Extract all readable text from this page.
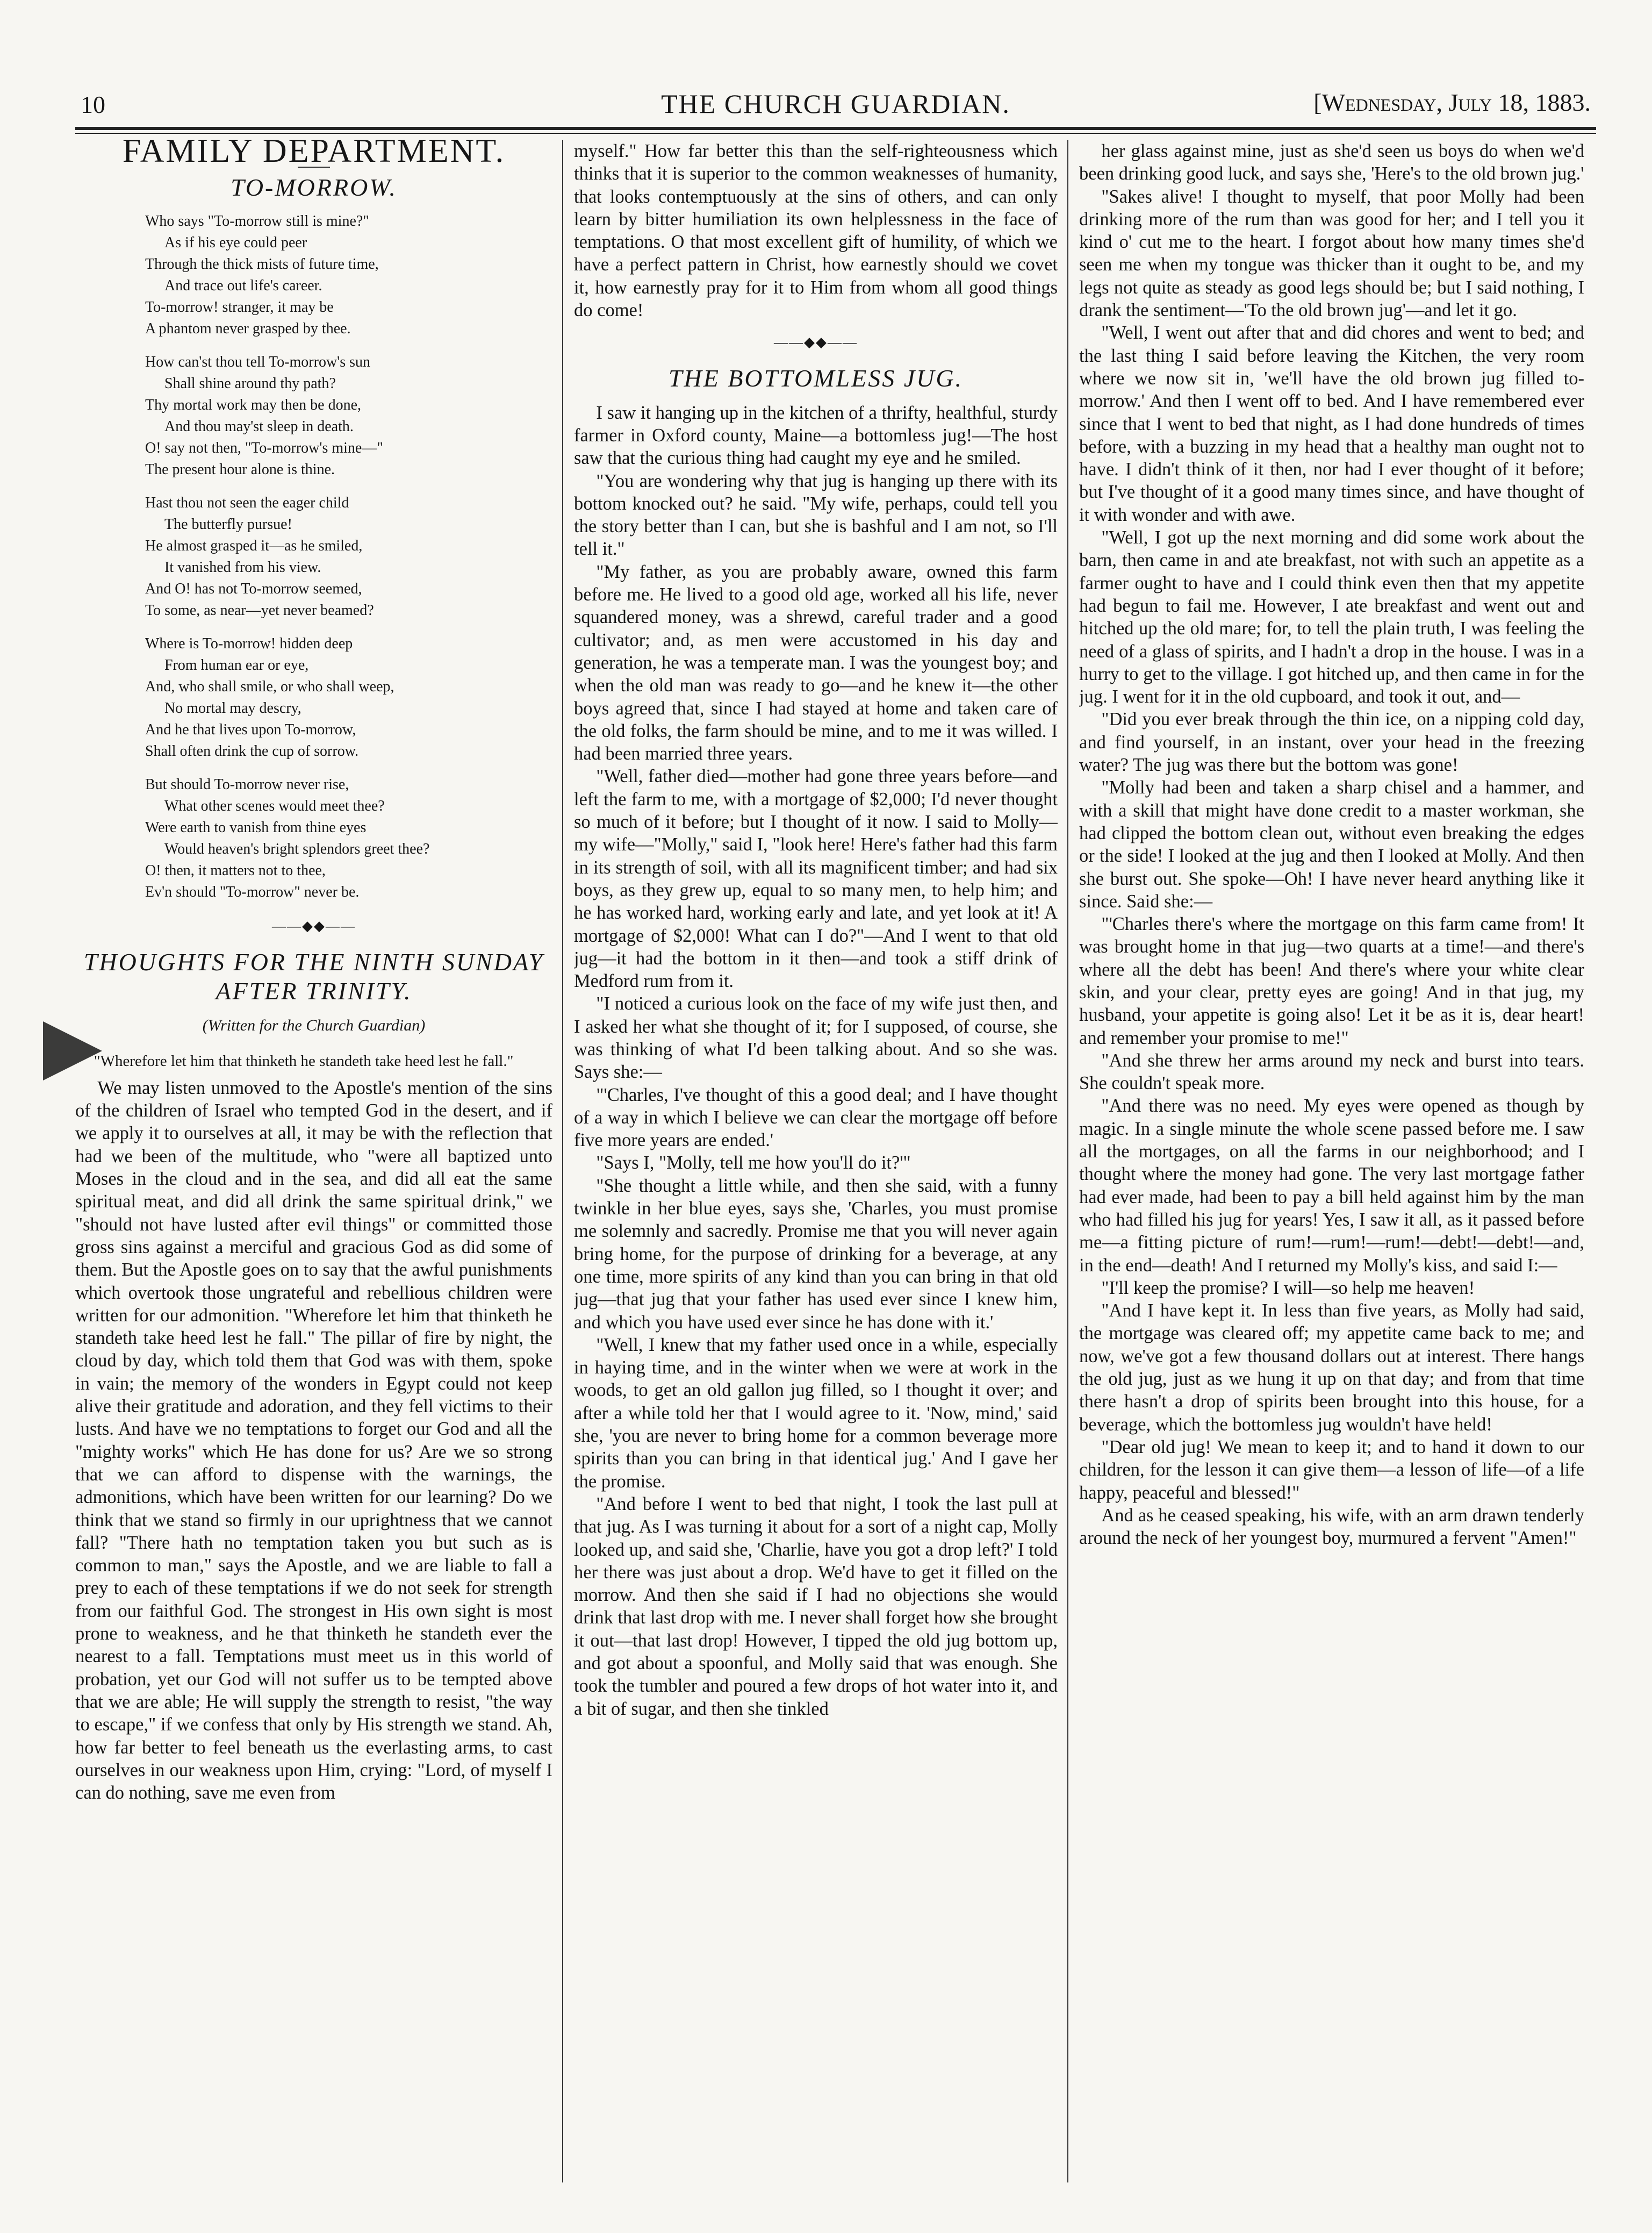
10	THE CHURCH GUARDIAN.	[Wednesday, July 18, 1883.
FAMILY DEPARTMENT.
TO-MORROW.
Who says "To-morrow still is mine?"
As if his eye could peer
Through the thick mists of future time,
And trace out life's career.
To-morrow! stranger, it may be
A phantom never grasped by thee.
How can'st thou tell To-morrow's sun
Shall shine around thy path?
Thy mortal work may then be done,
And thou may'st sleep in death.
O! say not then, "To-morrow's mine—"
The present hour alone is thine.
Hast thou not seen the eager child
The butterfly pursue!
He almost grasped it—as he smiled,
It vanished from his view.
And O! has not To-morrow seemed,
To some, as near—yet never beamed?
Where is To-morrow! hidden deep
From human ear or eye,
And, who shall smile, or who shall weep,
No mortal may descry,
And he that lives upon To-morrow,
Shall often drink the cup of sorrow.
But should To-morrow never rise,
What other scenes would meet thee?
Were earth to vanish from thine eyes
Would heaven's bright splendors greet thee?
O! then, it matters not to thee,
Ev'n should "To-morrow" never be.
——◆◆——
THOUGHTS FOR THE NINTH SUNDAY AFTER TRINITY.
(Written for the Church Guardian)
"Wherefore let him that thinketh he standeth take heed lest he fall."

We may listen unmoved to the Apostle's mention of the sins of the children of Israel who tempted God in the desert, and if we apply it to ourselves at all, it may be with the reflection that had we been of the multitude, who "were all baptized unto Moses in the cloud and in the sea, and did all eat the same spiritual meat, and did all drink the same spiritual drink," we "should not have lusted after evil things" or committed those gross sins against a merciful and gracious God as did some of them. But the Apostle goes on to say that the awful punishments which overtook those ungrateful and rebellious children were written for our admonition. "Wherefore let him that thinketh he standeth take heed lest he fall." The pillar of fire by night, the cloud by day, which told them that God was with them, spoke in vain; the memory of the wonders in Egypt could not keep alive their gratitude and adoration, and they fell victims to their lusts. And have we no temptations to forget our God and all the "mighty works" which He has done for us? Are we so strong that we can afford to dispense with the warnings, the admonitions, which have been written for our learning? Do we think that we stand so firmly in our uprightness that we cannot fall? "There hath no temptation taken you but such as is common to man," says the Apostle, and we are liable to fall a prey to each of these temptations if we do not seek for strength from our faithful God. The strongest in His own sight is most prone to weakness, and he that thinketh he standeth ever the nearest to a fall. Temptations must meet us in this world of probation, yet our God will not suffer us to be tempted above that we are able; He will supply the strength to resist, "the way to escape," if we confess that only by His strength we stand. Ah, how far better to feel beneath us the everlasting arms, to cast ourselves in our weakness upon Him, crying: "Lord, of myself I can do nothing, save me even from

myself." How far better this than the self-righteousness which thinks that it is superior to the common weaknesses of humanity, that looks contemptuously at the sins of others, and can only learn by bitter humiliation its own helplessness in the face of temptations. O that most excellent gift of humility, of which we have a perfect pattern in Christ, how earnestly should we covet it, how earnestly pray for it to Him from whom all good things do come!

——◆◆——
THE BOTTOMLESS JUG.

I saw it hanging up in the kitchen of a thrifty, healthful, sturdy farmer in Oxford county, Maine—a bottomless jug!—The host saw that the curious thing had caught my eye and he smiled.

"You are wondering why that jug is hanging up there with its bottom knocked out? he said. "My wife, perhaps, could tell you the story better than I can, but she is bashful and I am not, so I'll tell it."

"My father, as you are probably aware, owned this farm before me. He lived to a good old age, worked all his life, never squandered money, was a shrewd, careful trader and a good cultivator; and, as men were accustomed in his day and generation, he was a temperate man. I was the youngest boy; and when the old man was ready to go—and he knew it—the other boys agreed that, since I had stayed at home and taken care of the old folks, the farm should be mine, and to me it was willed. I had been married three years.

"Well, father died—mother had gone three years before—and left the farm to me, with a mortgage of $2,000; I'd never thought so much of it before; but I thought of it now. I said to Molly—my wife—"Molly," said I, "look here! Here's father had this farm in its strength of soil, with all its magnificent timber; and had six boys, as they grew up, equal to so many men, to help him; and he has worked hard, working early and late, and yet look at it! A mortgage of $2,000! What can I do?"—And I went to that old jug—it had the bottom in it then—and took a stiff drink of Medford rum from it.

"I noticed a curious look on the face of my wife just then, and I asked her what she thought of it; for I supposed, of course, she was thinking of what I'd been talking about. And so she was. Says she:—

"'Charles, I've thought of this a good deal; and I have thought of a way in which I believe we can clear the mortgage off before five more years are ended.'

"Says I, "Molly, tell me how you'll do it?'"

"She thought a little while, and then she said, with a funny twinkle in her blue eyes, says she, 'Charles, you must promise me solemnly and sacredly. Promise me that you will never again bring home, for the purpose of drinking for a beverage, at any one time, more spirits of any kind than you can bring in that old jug—that jug that your father has used ever since I knew him, and which you have used ever since he has done with it.'

"Well, I knew that my father used once in a while, especially in haying time, and in the winter when we were at work in the woods, to get an old gallon jug filled, so I thought it over; and after a while told her that I would agree to it. 'Now, mind,' said she, 'you are never to bring home for a common beverage more spirits than you can bring in that identical jug.' And I gave her the promise.

"And before I went to bed that night, I took the last pull at that jug. As I was turning it about for a sort of a night cap, Molly looked up, and said she, 'Charlie, have you got a drop left?' I told her there was just about a drop. We'd have to get it filled on the morrow. And then she said if I had no objections she would drink that last drop with me. I never shall forget how she brought it out—that last drop! However, I tipped the old jug bottom up, and got about a spoonful, and Molly said that was enough. She took the tumbler and poured a few drops of hot water into it, and a bit of sugar, and then she tinkled

her glass against mine, just as she'd seen us boys do when we'd been drinking good luck, and says she, 'Here's to the old brown jug.'

"Sakes alive! I thought to myself, that poor Molly had been drinking more of the rum than was good for her; and I tell you it kind o' cut me to the heart. I forgot about how many times she'd seen me when my tongue was thicker than it ought to be, and my legs not quite as steady as good legs should be; but I said nothing, I drank the sentiment—'To the old brown jug'—and let it go.

"Well, I went out after that and did chores and went to bed; and the last thing I said before leaving the Kitchen, the very room where we now sit in, 'we'll have the old brown jug filled to-morrow.' And then I went off to bed. And I have remembered ever since that I went to bed that night, as I had done hundreds of times before, with a buzzing in my head that a healthy man ought not to have. I didn't think of it then, nor had I ever thought of it before; but I've thought of it a good many times since, and have thought of it with wonder and with awe.

"Well, I got up the next morning and did some work about the barn, then came in and ate breakfast, not with such an appetite as a farmer ought to have and I could think even then that my appetite had begun to fail me. However, I ate breakfast and went out and hitched up the old mare; for, to tell the plain truth, I was feeling the need of a glass of spirits, and I hadn't a drop in the house. I was in a hurry to get to the village. I got hitched up, and then came in for the jug. I went for it in the old cupboard, and took it out, and—

"Did you ever break through the thin ice, on a nipping cold day, and find yourself, in an instant, over your head in the freezing water? The jug was there but the bottom was gone!

"Molly had been and taken a sharp chisel and a hammer, and with a skill that might have done credit to a master workman, she had clipped the bottom clean out, without even breaking the edges or the side! I looked at the jug and then I looked at Molly. And then she burst out. She spoke—Oh! I have never heard anything like it since. Said she:—

"'Charles there's where the mortgage on this farm came from! It was brought home in that jug—two quarts at a time!—and there's where all the debt has been! And there's where your white clear skin, and your clear, pretty eyes are going! And in that jug, my husband, your appetite is going also! Let it be as it is, dear heart! and remember your promise to me!"

"And she threw her arms around my neck and burst into tears. She couldn't speak more.

"And there was no need. My eyes were opened as though by magic. In a single minute the whole scene passed before me. I saw all the mortgages, on all the farms in our neighborhood; and I thought where the money had gone. The very last mortgage father had ever made, had been to pay a bill held against him by the man who had filled his jug for years! Yes, I saw it all, as it passed before me—a fitting picture of rum!—rum!—rum!—debt!—debt!—and, in the end—death! And I returned my Molly's kiss, and said I:—

"I'll keep the promise? I will—so help me heaven!

"And I have kept it. In less than five years, as Molly had said, the mortgage was cleared off; my appetite came back to me; and now, we've got a few thousand dollars out at interest. There hangs the old jug, just as we hung it up on that day; and from that time there hasn't a drop of spirits been brought into this house, for a beverage, which the bottomless jug wouldn't have held!

"Dear old jug! We mean to keep it; and to hand it down to our children, for the lesson it can give them—a lesson of life—of a life happy, peaceful and blessed!"

And as he ceased speaking, his wife, with an arm drawn tenderly around the neck of her youngest boy, murmured a fervent "Amen!"
